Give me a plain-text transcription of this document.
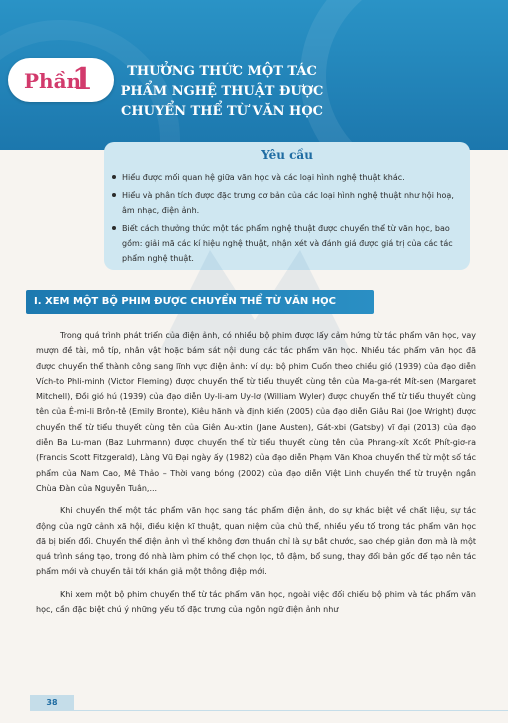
Phần
1	THƯỞNG THỨC MỘT TÁC PHẨM NGHỆ THUẬT ĐƯỢC CHUYỂN THỂ TỪ VĂN HỌC
Yêu cầu
Hiểu được mối quan hệ giữa văn học và các loại hình nghệ thuật khác.
Hiểu và phân tích được đặc trưng cơ bản của các loại hình nghệ thuật như hội hoạ, âm nhạc, điện ảnh.
Biết cách thưởng thức một tác phẩm nghệ thuật được chuyển thể từ văn học, bao gồm: giải mã các kí hiệu nghệ thuật, nhận xét và đánh giá được giá trị của các tác phẩm nghệ thuật.
I. XEM MỘT BỘ PHIM ĐƯỢC CHUYỂN THỂ TỪ VĂN HỌC

Trong quá trình phát triển của điện ảnh, có nhiều bộ phim được lấy cảm hứng từ tác phẩm văn học, vay mượn đề tài, mô típ, nhân vật hoặc bám sát nội dung các tác phẩm văn học. Nhiều tác phẩm văn học đã được chuyển thể thành công sang lĩnh vực điện ảnh: ví dụ: bộ phim Cuốn theo chiều gió (1939) của đạo diễn Vích-to Phli-minh (Victor Fleming) được chuyển thể từ tiểu thuyết cùng tên của Ma-ga-rét Mít-sen (Margaret Mitchell), Đồi gió hú (1939) của đạo diễn Uy-li-am Uy-lơ (William Wyler) được chuyển thể từ tiểu thuyết cùng tên của Ê-mi-li Brôn-tê (Emily Bronte), Kiêu hãnh và định kiến (2005) của đạo diễn Giâu Rai (Joe Wright) được chuyển thể từ tiểu thuyết cùng tên của Giên Au-xtin (Jane Austen), Gát-xbi (Gatsby) vĩ đại (2013) của đạo diễn Ba Lu-man (Baz Luhrmann) được chuyển thể từ tiểu thuyết cùng tên của Phrang-xít Xcốt Phít-giơ-ra (Francis Scott Fitzgerald), Làng Vũ Đại ngày ấy (1982) của đạo diễn Phạm Văn Khoa chuyển thể từ một số tác phẩm của Nam Cao, Mê Thảo – Thời vang bóng (2002) của đạo diễn Việt Linh chuyển thể từ truyện ngắn Chùa Đàn của Nguyễn Tuân,...

Khi chuyển thể một tác phẩm văn học sang tác phẩm điện ảnh, do sự khác biệt về chất liệu, sự tác động của ngữ cảnh xã hội, điều kiện kĩ thuật, quan niệm của chủ thể, nhiều yếu tố trong tác phẩm văn học đã bị biến đổi. Chuyển thể điện ảnh vì thế không đơn thuần chỉ là sự bắt chước, sao chép giản đơn mà là một quá trình sáng tạo, trong đó nhà làm phim có thể chọn lọc, tô đậm, bổ sung, thay đổi bản gốc để tạo nên tác phẩm mới và chuyển tải tới khán giả một thông điệp mới.

Khi xem một bộ phim chuyển thể từ tác phẩm văn học, ngoài việc đối chiếu bộ phim và tác phẩm văn học, cần đặc biệt chú ý những yếu tố đặc trưng của ngôn ngữ điện ảnh như

38
